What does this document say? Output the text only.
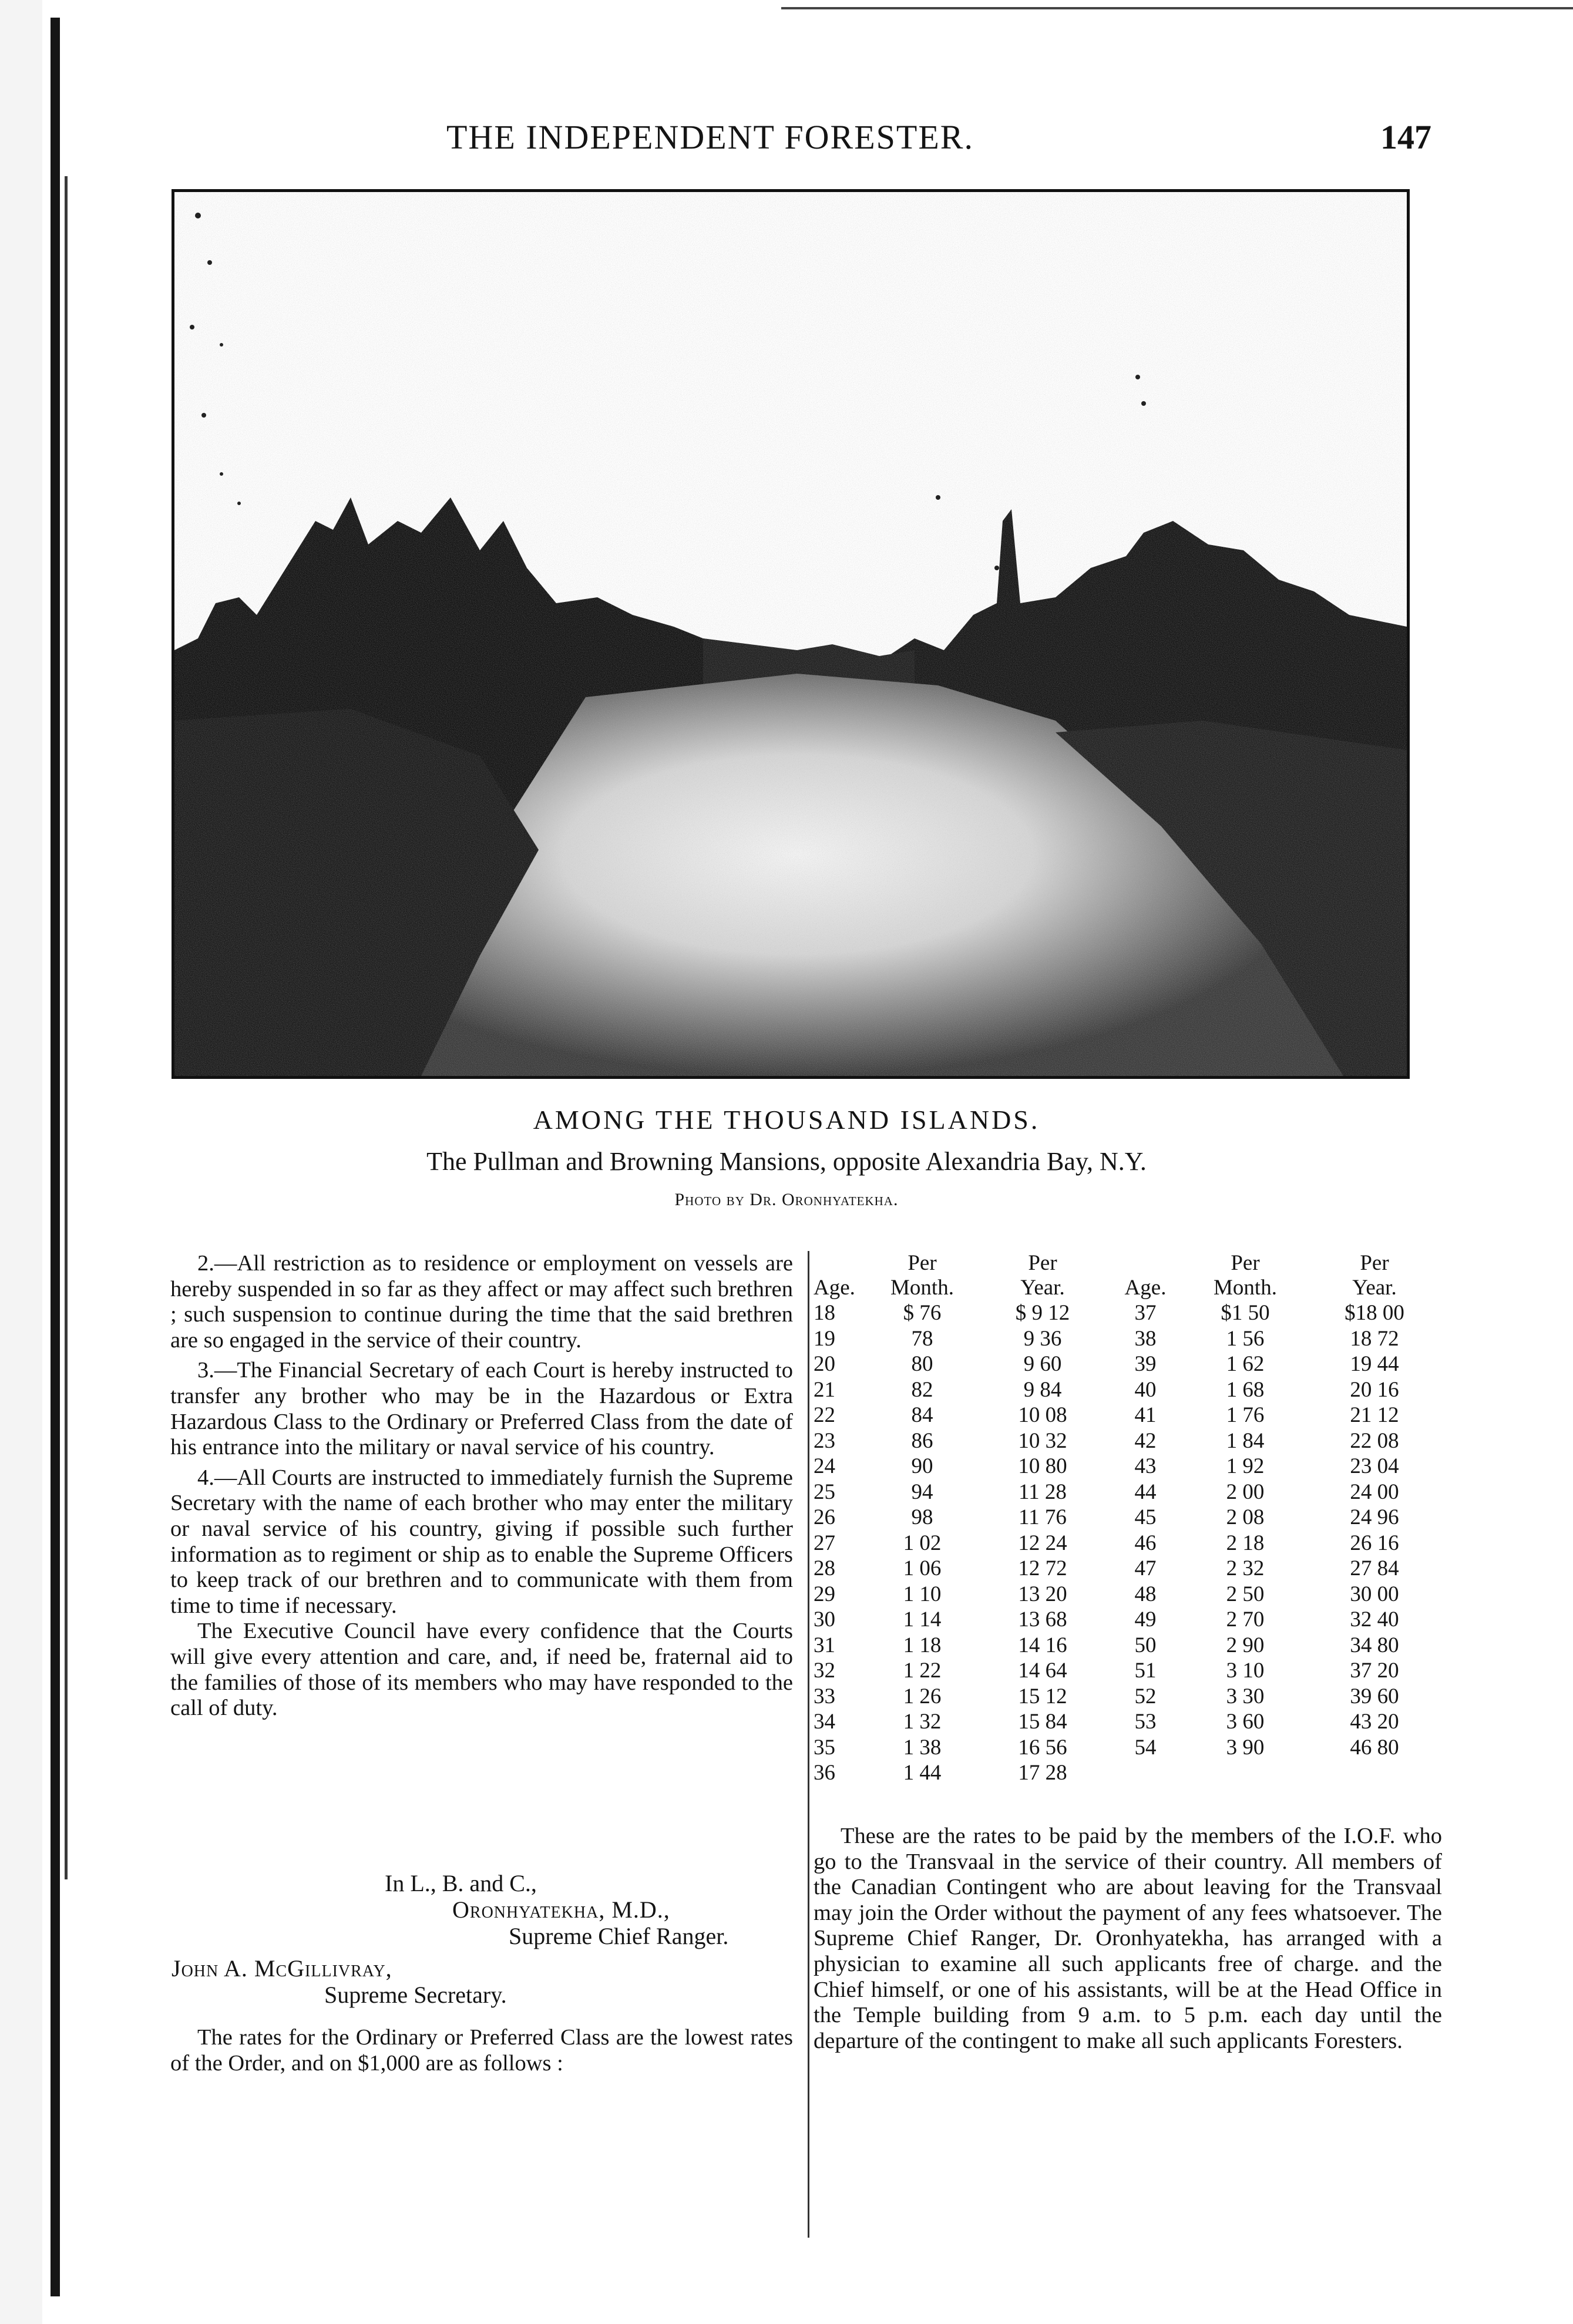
THE INDEPENDENT FORESTER.	147
AMONG THE THOUSAND ISLANDS.
The Pullman and Browning Mansions, opposite Alexandria Bay, N.Y.
Photo by Dr. Oronhyatekha.

2.—All restriction as to residence or employment on vessels are hereby suspended in so far as they affect or may affect such brethren ; such suspension to continue during the time that the said brethren are so engaged in the service of their country.

3.—The Financial Secretary of each Court is hereby instructed to transfer any brother who may be in the Hazardous or Extra Hazardous Class to the Ordinary or Preferred Class from the date of his entrance into the military or naval service of his country.

4.—All Courts are instructed to immediately furnish the Supreme Secretary with the name of each brother who may enter the military or naval service of his country, giving if possible such further information as to regiment or ship as to enable the Supreme Officers to keep track of our brethren and to communicate with them from time to time if necessary.

The Executive Council have every confidence that the Courts will give every attention and care, and, if need be, fraternal aid to the families of those of its members who may have responded to the call of duty.

In L., B. and C.,
Oronhyatekha, M.D.,
Supreme Chief Ranger.
John A. McGillivray,
Supreme Secretary.

The rates for the Ordinary or Preferred Class are the lowest rates of the Order, and on $1,000 are as follows :

	Per	Per		Per	Per
Age.	Month.	Year.	Age.	Month.	Year.
18	$ 76	$ 9 12	37	$1 50	$18 00
19	78	9 36	38	1 56	18 72
20	80	9 60	39	1 62	19 44
21	82	9 84	40	1 68	20 16
22	84	10 08	41	1 76	21 12
23	86	10 32	42	1 84	22 08
24	90	10 80	43	1 92	23 04
25	94	11 28	44	2 00	24 00
26	98	11 76	45	2 08	24 96
27	1 02	12 24	46	2 18	26 16
28	1 06	12 72	47	2 32	27 84
29	1 10	13 20	48	2 50	30 00
30	1 14	13 68	49	2 70	32 40
31	1 18	14 16	50	2 90	34 80
32	1 22	14 64	51	3 10	37 20
33	1 26	15 12	52	3 30	39 60
34	1 32	15 84	53	3 60	43 20
35	1 38	16 56	54	3 90	46 80
36	1 44	17 28			

These are the rates to be paid by the members of the I.O.F. who go to the Transvaal in the service of their country. All members of the Canadian Contingent who are about leaving for the Transvaal may join the Order without the payment of any fees whatsoever. The Supreme Chief Ranger, Dr. Oronhyatekha, has arranged with a physician to examine all such applicants free of charge. and the Chief himself, or one of his assistants, will be at the Head Office in the Temple building from 9 a.m. to 5 p.m. each day until the departure of the contingent to make all such applicants Foresters.
